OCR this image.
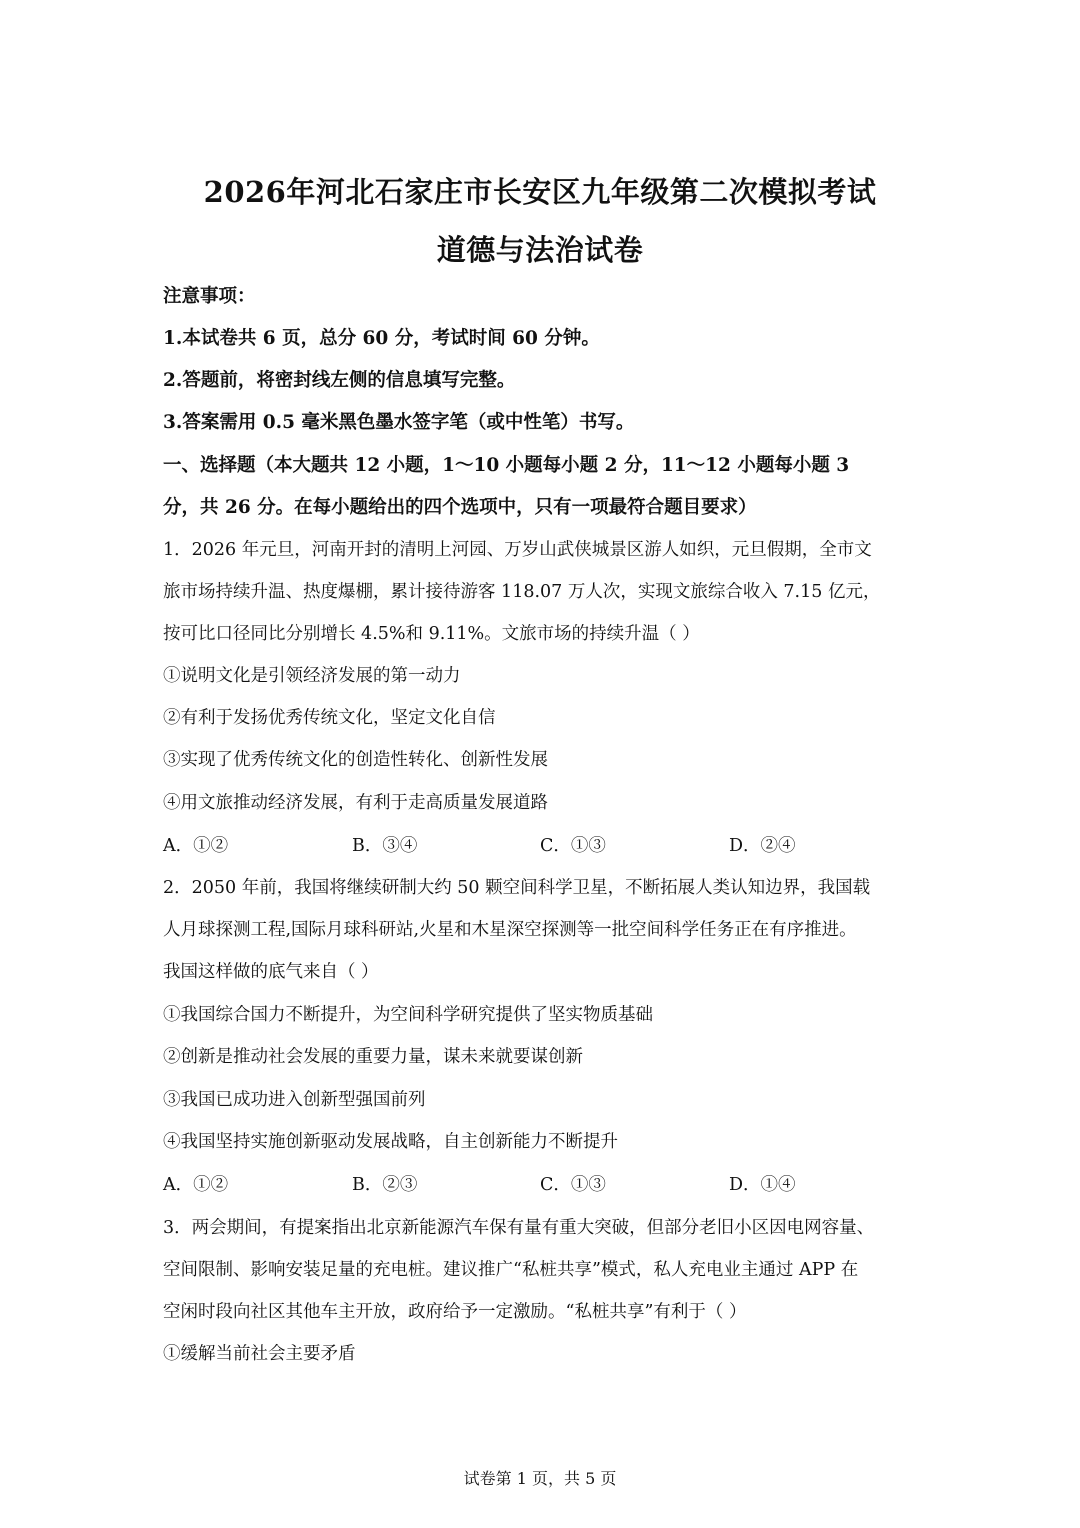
2026年河北石家庄市长安区九年级第二次模拟考试
道德与法治试卷
注意事项：
1.本试卷共 6 页，总分 60 分，考试时间 60 分钟。
2.答题前，将密封线左侧的信息填写完整。
3.答案需用 0.5 毫米黑色墨水签字笔（或中性笔）书写。
一、选择题（本大题共 12 小题，1～10 小题每小题 2 分，11～12 小题每小题 3
分，共 26 分。在每小题给出的四个选项中，只有一项最符合题目要求）
1．2026 年元旦，河南开封的清明上河园、万岁山武侠城景区游人如织，元旦假期，全市文
旅市场持续升温、热度爆棚，累计接待游客 118.07 万人次，实现文旅综合收入 7.15 亿元，
按可比口径同比分别增长 4.5%和 9.11%。文旅市场的持续升温（ ）
①说明文化是引领经济发展的第一动力
②有利于发扬优秀传统文化，坚定文化自信
③实现了优秀传统文化的创造性转化、创新性发展
④用文旅推动经济发展，有利于走高质量发展道路
A．①②	B．③④	C．①③	D．②④
2．2050 年前，我国将继续研制大约 50 颗空间科学卫星，不断拓展人类认知边界，我国载
人月球探测工程,国际月球科研站,火星和木星深空探测等一批空间科学任务正在有序推进。
我国这样做的底气来自（ ）
①我国综合国力不断提升，为空间科学研究提供了坚实物质基础
②创新是推动社会发展的重要力量，谋未来就要谋创新
③我国已成功进入创新型强国前列
④我国坚持实施创新驱动发展战略，自主创新能力不断提升
A．①②	B．②③	C．①③	D．①④
3．两会期间，有提案指出北京新能源汽车保有量有重大突破，但部分老旧小区因电网容量、
空间限制、影响安装足量的充电桩。建议推广“私桩共享”模式，私人充电业主通过 APP 在
空闲时段向社区其他车主开放，政府给予一定激励。“私桩共享”有利于（ ）
①缓解当前社会主要矛盾
试卷第 1 页，共 5 页
